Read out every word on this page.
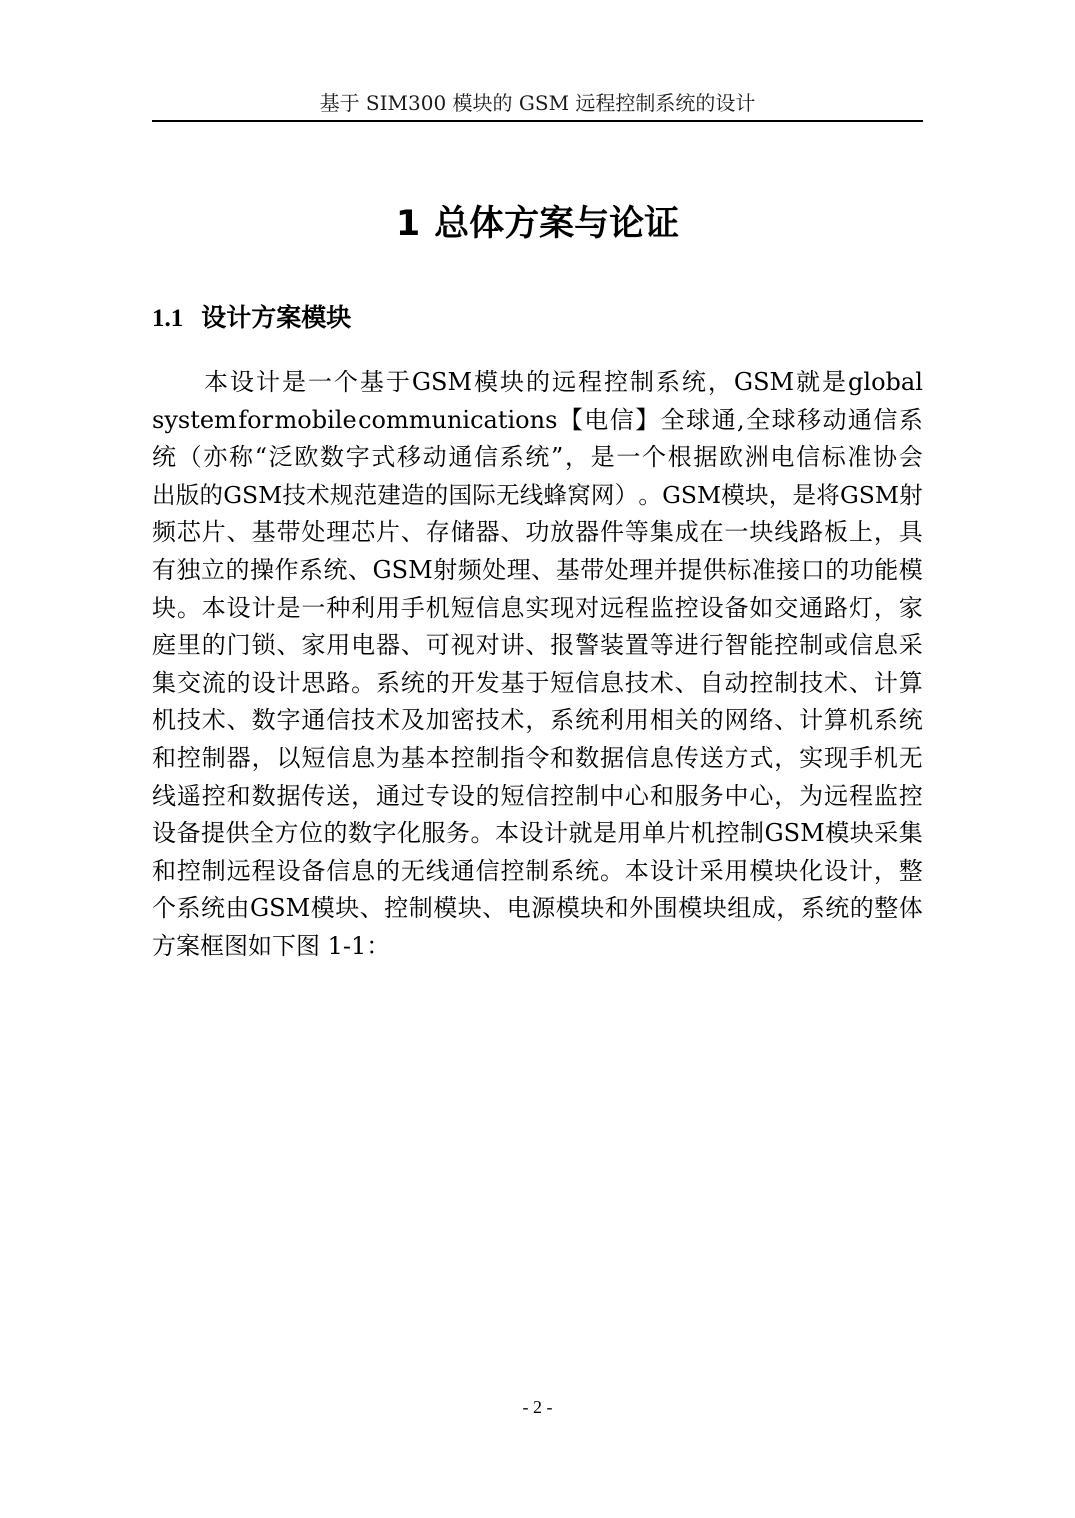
基于 SIM300 模块的 GSM 远程控制系统的设计
1 总体方案与论证
1.1 设计方案模块
本 设 计 是 一 个 基 于 GSM 模 块 的 远 程 控 制 系 统 ， GSM 就 是 global
system for mobile communications 【 电 信 】 全 球 通 , 全 球 移 动 通 信 系
统 （ 亦 称 “ 泛 欧 数 字 式 移 动 通 信 系 统 ” ， 是 一 个 根 据 欧 洲 电 信 标 准 协 会
出 版 的 GSM 技 术 规 范 建 造 的 国 际 无 线 蜂 窝 网 ） 。 GSM 模 块 ， 是 将 GSM 射
频 芯 片 、 基 带 处 理 芯 片 、 存 储 器 、 功 放 器 件 等 集 成 在 一 块 线 路 板 上 ， 具
有 独 立 的 操 作 系 统 、 GSM 射 频 处 理 、 基 带 处 理 并 提 供 标 准 接 口 的 功 能 模
块 。 本 设 计 是 一 种 利 用 手 机 短 信 息 实 现 对 远 程 监 控 设 备 如 交 通 路 灯 ， 家
庭 里 的 门 锁 、 家 用 电 器 、 可 视 对 讲 、 报 警 装 置 等 进 行 智 能 控 制 或 信 息 采
集 交 流 的 设 计 思 路 。 系 统 的 开 发 基 于 短 信 息 技 术 、 自 动 控 制 技 术 、 计 算
机 技 术 、 数 字 通 信 技 术 及 加 密 技 术 ， 系 统 利 用 相 关 的 网 络 、 计 算 机 系 统
和 控 制 器 ， 以 短 信 息 为 基 本 控 制 指 令 和 数 据 信 息 传 送 方 式 ， 实 现 手 机 无
线 遥 控 和 数 据 传 送 ， 通 过 专 设 的 短 信 控 制 中 心 和 服 务 中 心 ， 为 远 程 监 控
设 备 提 供 全 方 位 的 数 字 化 服 务 。 本 设 计 就 是 用 单 片 机 控 制 GSM 模 块 采 集
和 控 制 远 程 设 备 信 息 的 无 线 通 信 控 制 系 统 。 本 设 计 采 用 模 块 化 设 计 ， 整
个 系 统 由 GSM 模 块 、 控 制 模 块 、 电 源 模 块 和 外 围 模 块 组 成 ， 系 统 的 整 体
方案框图如下图 1-1：
- 2 -
